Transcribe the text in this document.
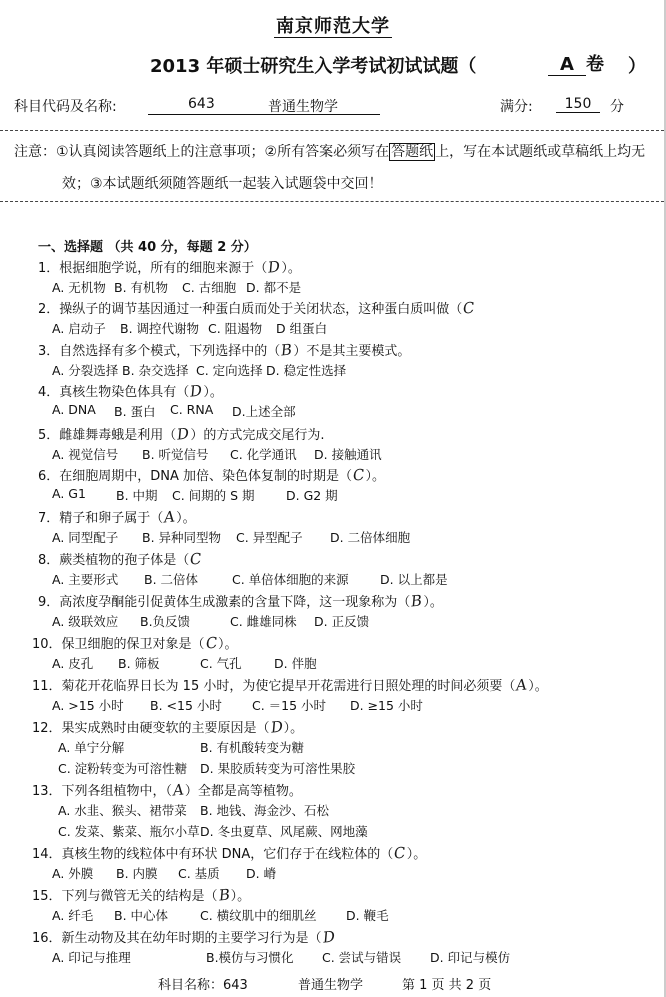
南京师范大学
2013 年硕士研究生入学考试初试试题（	A 卷 ）
科目代码及名称:	643	普通生物学	满分:	150	分
注意：①认真阅读答题纸上的注意事项；②所有答案必须写在 答题纸 上，写在本试题纸或草稿纸上均无
效；③本试题纸须随答题纸一起装入试题袋中交回！
一、选择题 （共 40 分，每题 2 分）
1．根据细胞学说，所有的细胞来源于（D）。
A. 无机物 B. 有机物 C. 古细胞 D. 都不是
2．操纵子的调节基因通过一种蛋白质而处于关闭状态，这种蛋白质叫做（C
A. 启动子 B. 调控代谢物 C. 阻遏物 D 组蛋白
3．自然选择有多个模式，下列选择中的（B）不是其主要模式。
A. 分裂选择 B. 杂交选择 C. 定向选择 D. 稳定性选择
4．真核生物染色体具有（D）。
A. DNA B. 蛋白 C. RNA D.上述全部
5．雌雄舞毒蛾是利用（D）的方式完成交尾行为.
A. 视觉信号 B. 听觉信号 C. 化学通讯 D. 接触通讯
6．在细胞周期中，DNA 加倍、染色体复制的时期是（C）。
A. G1 B. 中期 C. 间期的 S 期	D. G2 期
7．精子和卵子属于（A）。
A. 同型配子 B. 异种同型物 C. 异型配子 D. 二倍体细胞
8．蕨类植物的孢子体是（C
A. 主要形式 B. 二倍体	C. 单倍体细胞的来源	D. 以上都是
9．高浓度孕酮能引促黄体生成激素的含量下降，这一现象称为（B）。
A. 级联效应 B.负反馈	C. 雌雄同株 D. 正反馈
10．保卫细胞的保卫对象是（C）。
A. 皮孔 B. 筛板	C. 气孔	D. 伴胞
11．菊花开花临界日长为 15 小时，为使它提早开花需进行日照处理的时间必须要（A）。
A. >15 小时 B. <15 小时 C. ＝15 小时 D. ≥15 小时
12．果实成熟时由硬变软的主要原因是（D）。
A. 单宁分解	B. 有机酸转变为糖
C. 淀粉转变为可溶性糖 D. 果胶质转变为可溶性果胶
13．下列各组植物中，（A）全都是高等植物。
A. 水韭、猴头、裙带菜 B. 地钱、海金沙、石松
C. 发菜、紫菜、瓶尔小草 D. 冬虫夏草、风尾蕨、网地藻
14．真核生物的线粒体中有环状 DNA，它们存于在线粒体的（C）。
A. 外膜 B. 内膜 C. 基质 D. 嵴
15．下列与微管无关的结构是（B）。
A. 纤毛 B. 中心体	C. 横纹肌中的细肌丝 D. 鞭毛
16．新生动物及其在幼年时期的主要学习行为是（D
A. 印记与推理	B.模仿与习惯化 C. 尝试与错误 D. 印记与模仿
科目名称：643	普通生物学	第 1 页 共 2 页
